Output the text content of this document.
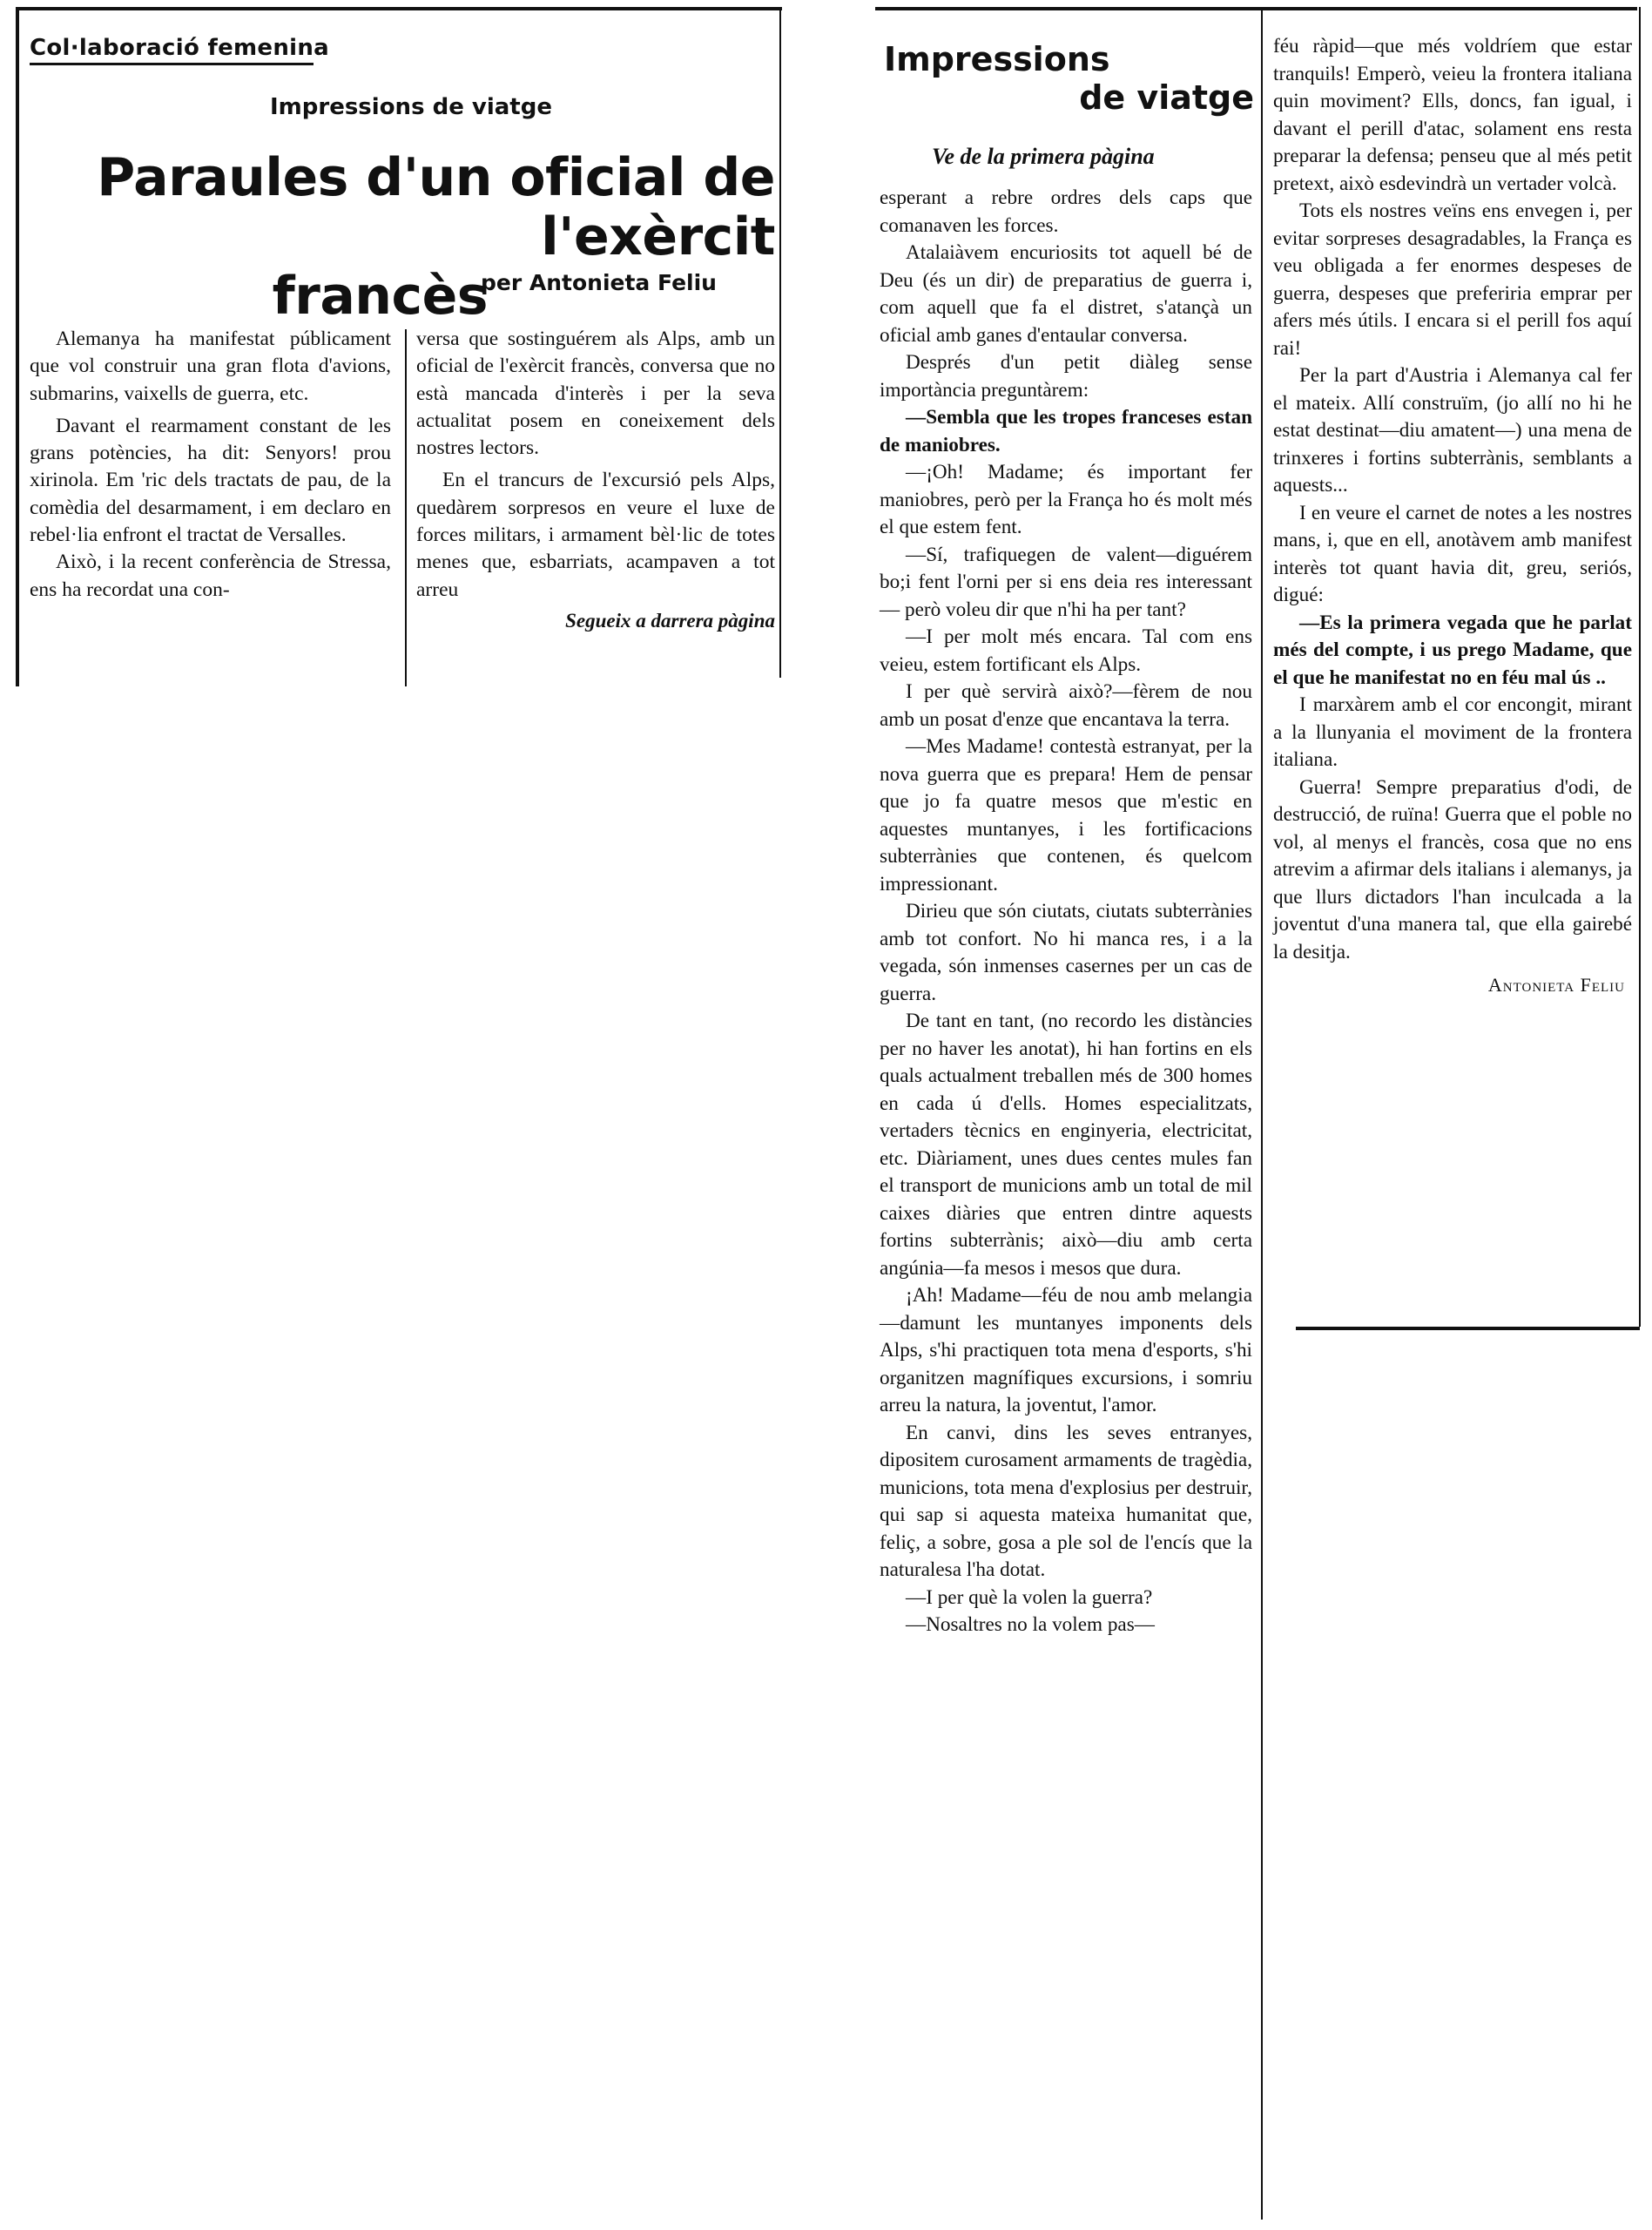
Col·laboració femenina
Impressions de viatge
Paraules d'un oficial de l'exèrcit
francès
per Antonieta Feliu

Alemanya ha manifestat públicament que vol construir una gran flota d'avions, submarins, vaixells de guerra, etc.

Davant el rearmament constant de les grans potències, ha dit: Senyors! prou xirinola. Em 'ric dels tractats de pau, de la comèdia del desarmament, i em declaro en rebel·lia enfront el tractat de Versalles.

Això, i la recent conferència de Stressa, ens ha recordat una con-

versa que sostinguérem als Alps, amb un oficial de l'exèrcit francès, conversa que no està mancada d'interès i per la seva actualitat posem en coneixement dels nostres lectors.

En el trancurs de l'excursió pels Alps, quedàrem sorpresos en veure el luxe de forces militars, i armament bèl·lic de totes menes que, esbarriats, acampaven a tot arreu

Segueix a darrera pàgina
Impressions
de viatge
Ve de la primera pàgina

esperant a rebre ordres dels caps que comanaven les forces.

Atalaiàvem encuriosits tot aquell bé de Deu (és un dir) de preparatius de guerra i, com aquell que fa el distret, s'atançà un oficial amb ganes d'entaular conversa.

Després d'un petit diàleg sense importància preguntàrem:

—Sembla que les tropes franceses estan de maniobres.

—¡Oh! Madame; és important fer maniobres, però per la França ho és molt més el que estem fent.

—Sí, trafiquegen de valent—diguérem bo;i fent l'orni per si ens deia res interessant— però voleu dir que n'hi ha per tant?

—I per molt més encara. Tal com ens veieu, estem fortificant els Alps.

I per què servirà això?—fèrem de nou amb un posat d'enze que encantava la terra.

—Mes Madame! contestà estranyat, per la nova guerra que es prepara! Hem de pensar que jo fa quatre mesos que m'estic en aquestes muntanyes, i les fortificacions subterrànies que contenen, és quelcom impressionant.

Dirieu que són ciutats, ciutats subterrànies amb tot confort. No hi manca res, i a la vegada, són inmenses casernes per un cas de guerra.

De tant en tant, (no recordo les distàncies per no haver les anotat), hi han fortins en els quals actualment treballen més de 300 homes en cada ú d'ells. Homes especialitzats, vertaders tècnics en enginyeria, electricitat, etc. Diàriament, unes dues centes mules fan el transport de municions amb un total de mil caixes diàries que entren dintre aquests fortins subterrànis; això—diu amb certa angúnia—fa mesos i mesos que dura.

¡Ah! Madame—féu de nou amb melangia—damunt les muntanyes imponents dels Alps, s'hi practiquen tota mena d'esports, s'hi organitzen magnífiques excursions, i somriu arreu la natura, la joventut, l'amor.

En canvi, dins les seves entranyes, dipositem curosament armaments de tragèdia, municions, tota mena d'explosius per destruir, qui sap si aquesta mateixa humanitat que, feliç, a sobre, gosa a ple sol de l'encís que la naturalesa l'ha dotat.

—I per què la volen la guerra?

—Nosaltres no la volem pas—

féu ràpid—que més voldríem que estar tranquils! Emperò, veieu la frontera italiana quin moviment? Ells, doncs, fan igual, i davant el perill d'atac, solament ens resta preparar la defensa; penseu que al més petit pretext, això esdevindrà un vertader volcà.

Tots els nostres veïns ens envegen i, per evitar sorpreses desagradables, la França es veu obligada a fer enormes despeses de guerra, despeses que preferiria emprar per afers més útils. I encara si el perill fos aquí rai!

Per la part d'Austria i Alemanya cal fer el mateix. Allí construïm, (jo allí no hi he estat destinat—diu amatent—) una mena de trinxeres i fortins subterrànis, semblants a aquests...

I en veure el carnet de notes a les nostres mans, i, que en ell, anotàvem amb manifest interès tot quant havia dit, greu, seriós, digué:

—Es la primera vegada que he parlat més del compte, i us prego Madame, que el que he manifestat no en féu mal ús ..

I marxàrem amb el cor encongit, mirant a la llunyania el moviment de la frontera italiana.

Guerra! Sempre preparatius d'odi, de destrucció, de ruïna! Guerra que el poble no vol, al menys el francès, cosa que no ens atrevim a afirmar dels italians i alemanys, ja que llurs dictadors l'han inculcada a la joventut d'una manera tal, que ella gairebé la desitja.

Antonieta Feliu
